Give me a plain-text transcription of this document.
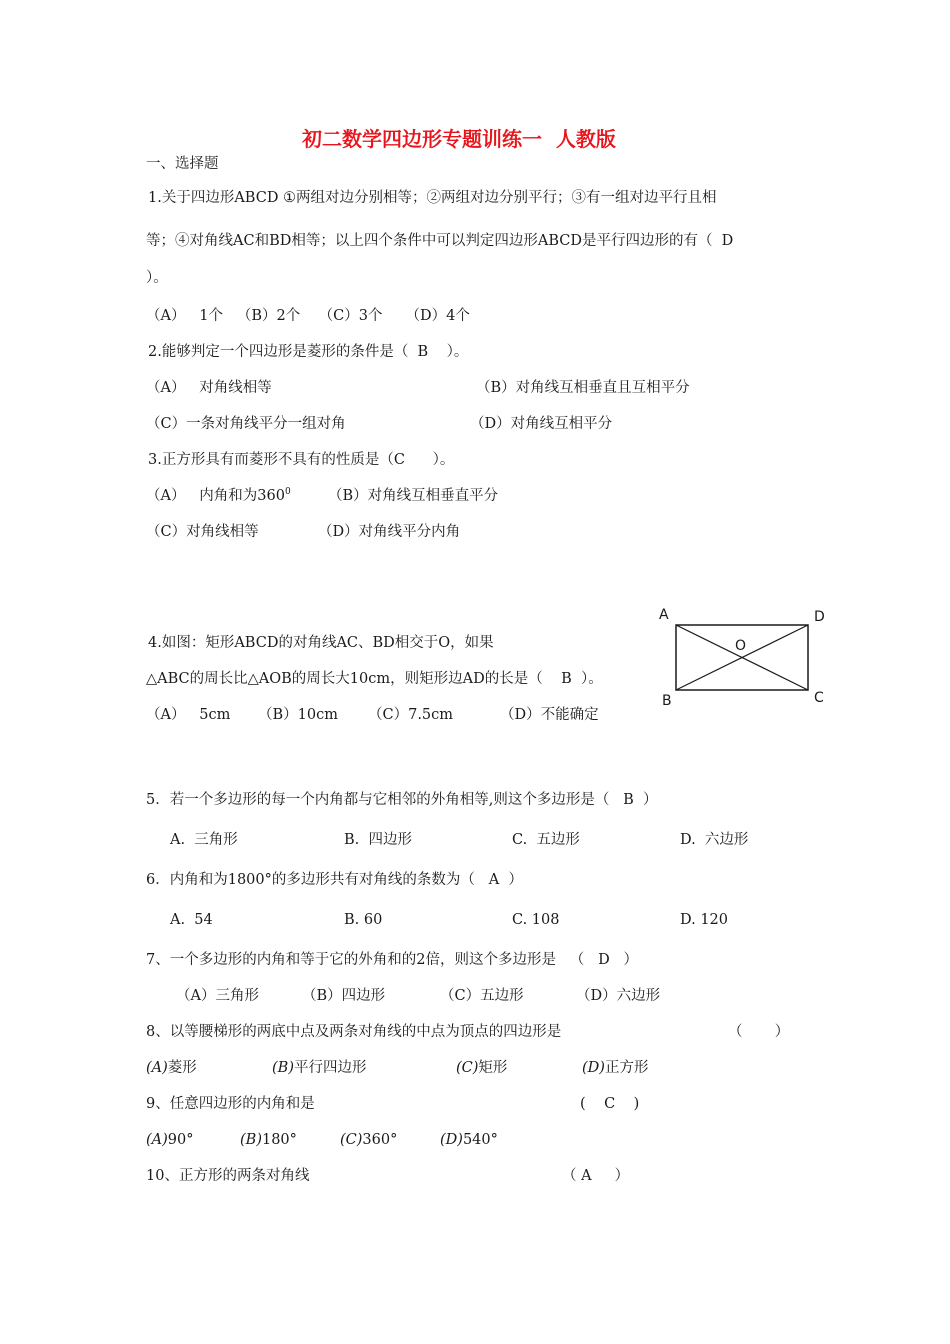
初二数学四边形专题训练一  人教版
一、选择题
1.关于四边形ABCD ①两组对边分别相等；②两组对边分别平行；③有一组对边平行且相
等；④对角线AC和BD相等；以上四个条件中可以判定四边形ABCD是平行四边形的有（  D
）。
（A）   1个   （B）2个    （C）3个     （D）4个
2.能够判定一个四边形是菱形的条件是（  B    ）。
（A）   对角线相等	（B）对角线互相垂直且互相平分
（C）一条对角线平分一组对角	（D）对角线互相平分
3.正方形具有而菱形不具有的性质是（C      ）。
（A）   内角和为$360^0$	（B）对角线互相垂直平分
（C）对角线相等	（D）对角线平分内角
4.如图：矩形ABCD的对角线AC、BD相交于O，如果
△ABC的周长比△AOB的周长大10cm，则矩形边AD的长是（    B  ）。
（A）   5cm （B）10cm （C）7.5cm	（D）不能确定
A	D
B	C
O
5．若一个多边形的每一个内角都与它相邻的外角相等,则这个多边形是（   B  ）
A.  三角形	B.  四边形	C.  五边形	D.  六边形
6．内角和为1800°的多边形共有对角线的条数为（   A  ）
A.  54	B. 60	C. 108	D. 120
7、一个多边形的内角和等于它的外角和的2倍，则这个多边形是   （   D   ）
（A）三角形	（B）四边形	（C）五边形	（D）六边形
8、以等腰梯形的两底中点及两条对角线的中点为顶点的四边形是	（       ）
(A)菱形	(B)平行四边形	(C)矩形	(D)正方形
9、任意四边形的内角和是	(    C    )
(A)90°	(B)180°	(C)360°	(D)540°
10、正方形的两条对角线	（ A     ）
